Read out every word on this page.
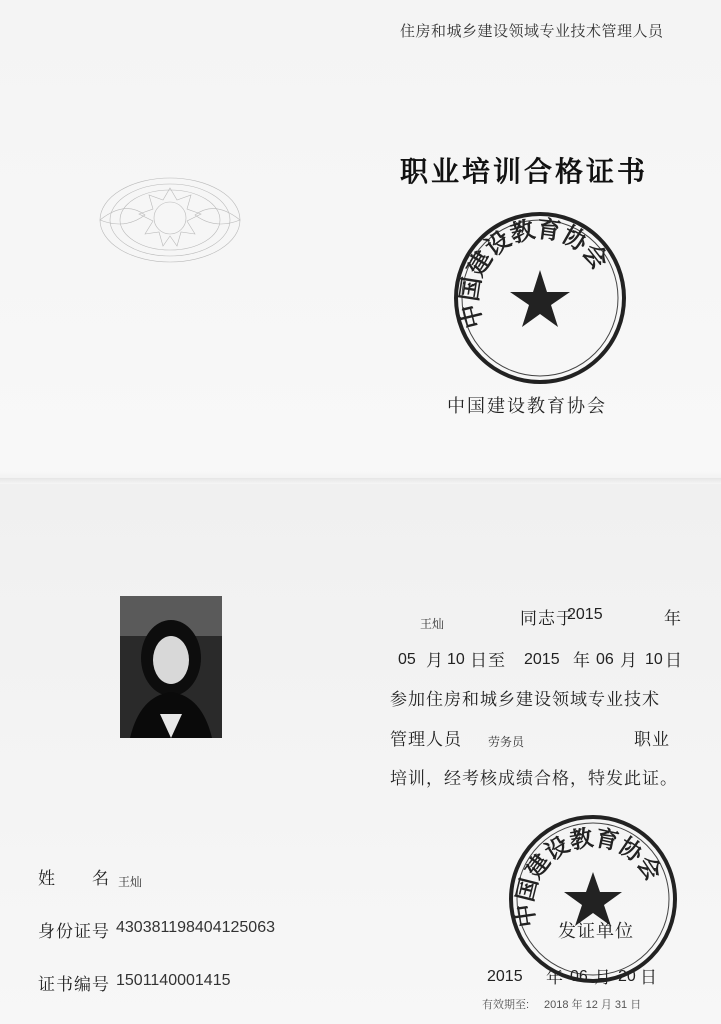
住房和城乡建设领域专业技术管理人员
职业培训合格证书
中国建设教育协会
中国建设教育协会
王灿	同志于
2015	年
05 月 10 日至 2015 年 06 月 10 日
参加住房和城乡建设领域专业技术
管理人员 劳务员	职业
培训，经考核成绩合格，特发此证。
姓　　名 王灿
身份证号 430381198404125063
证书编号 1501140001415
中国建设教育协会
发证单位
2015 年 06 月 20 日
有效期至: 2018 年 12 月 31 日
